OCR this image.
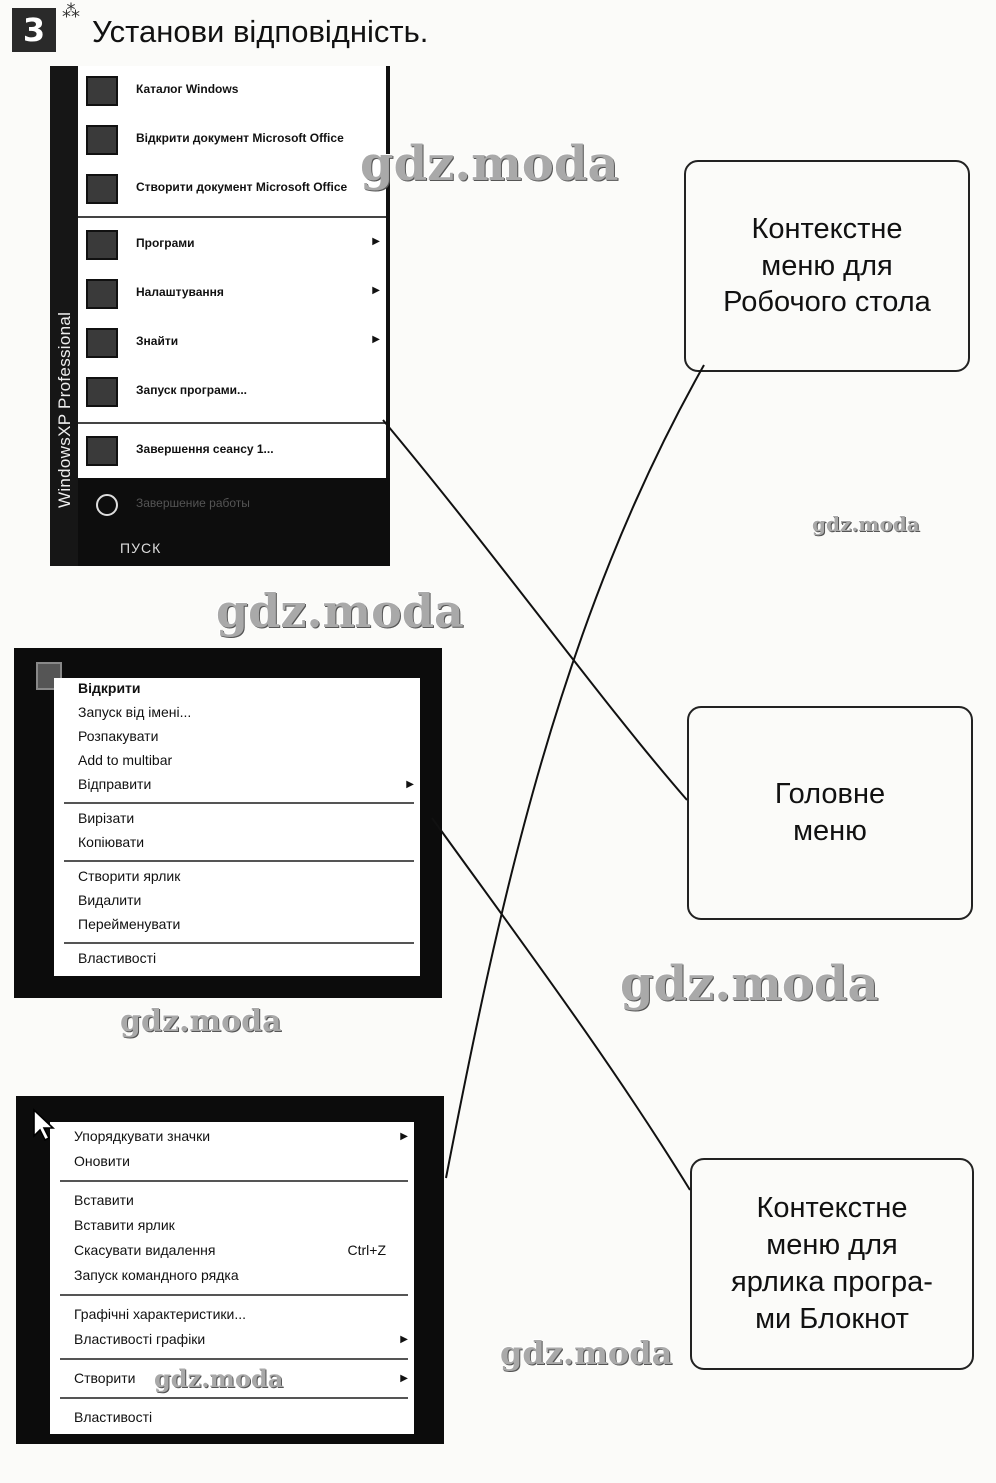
3 ⁂
Установи відповідність.
WindowsXP Professional
Каталог Windows
Відкрити документ Microsoft Office
Створити документ Microsoft Office
Програми	▶
Налаштування	▶
Знайти	▶
Запуск програми...
Завершення сеансу 1...
Завершение работы
ПУСК
Відкрити
Запуск від імені...
Розпакувати
Add to multibar
Відправити	▶
Вирізати
Копіювати
Створити ярлик
Видалити
Перейменувати
Властивості
Упорядкувати значки	▶
Оновити
Вставити
Вставити ярлик
Скасувати видалення	Ctrl+Z
Запуск командного рядка
Графічні характеристики...
Властивості графіки	▶
Створити	▶
Властивості
Контекстне
меню для
Робочого стола
Головне
меню
Контекстне
меню для
ярлика програ-
ми Блокнот
gdz.moda
gdz.moda
gdz.moda
gdz.moda
gdz.moda
gdz.moda
gdz.moda
